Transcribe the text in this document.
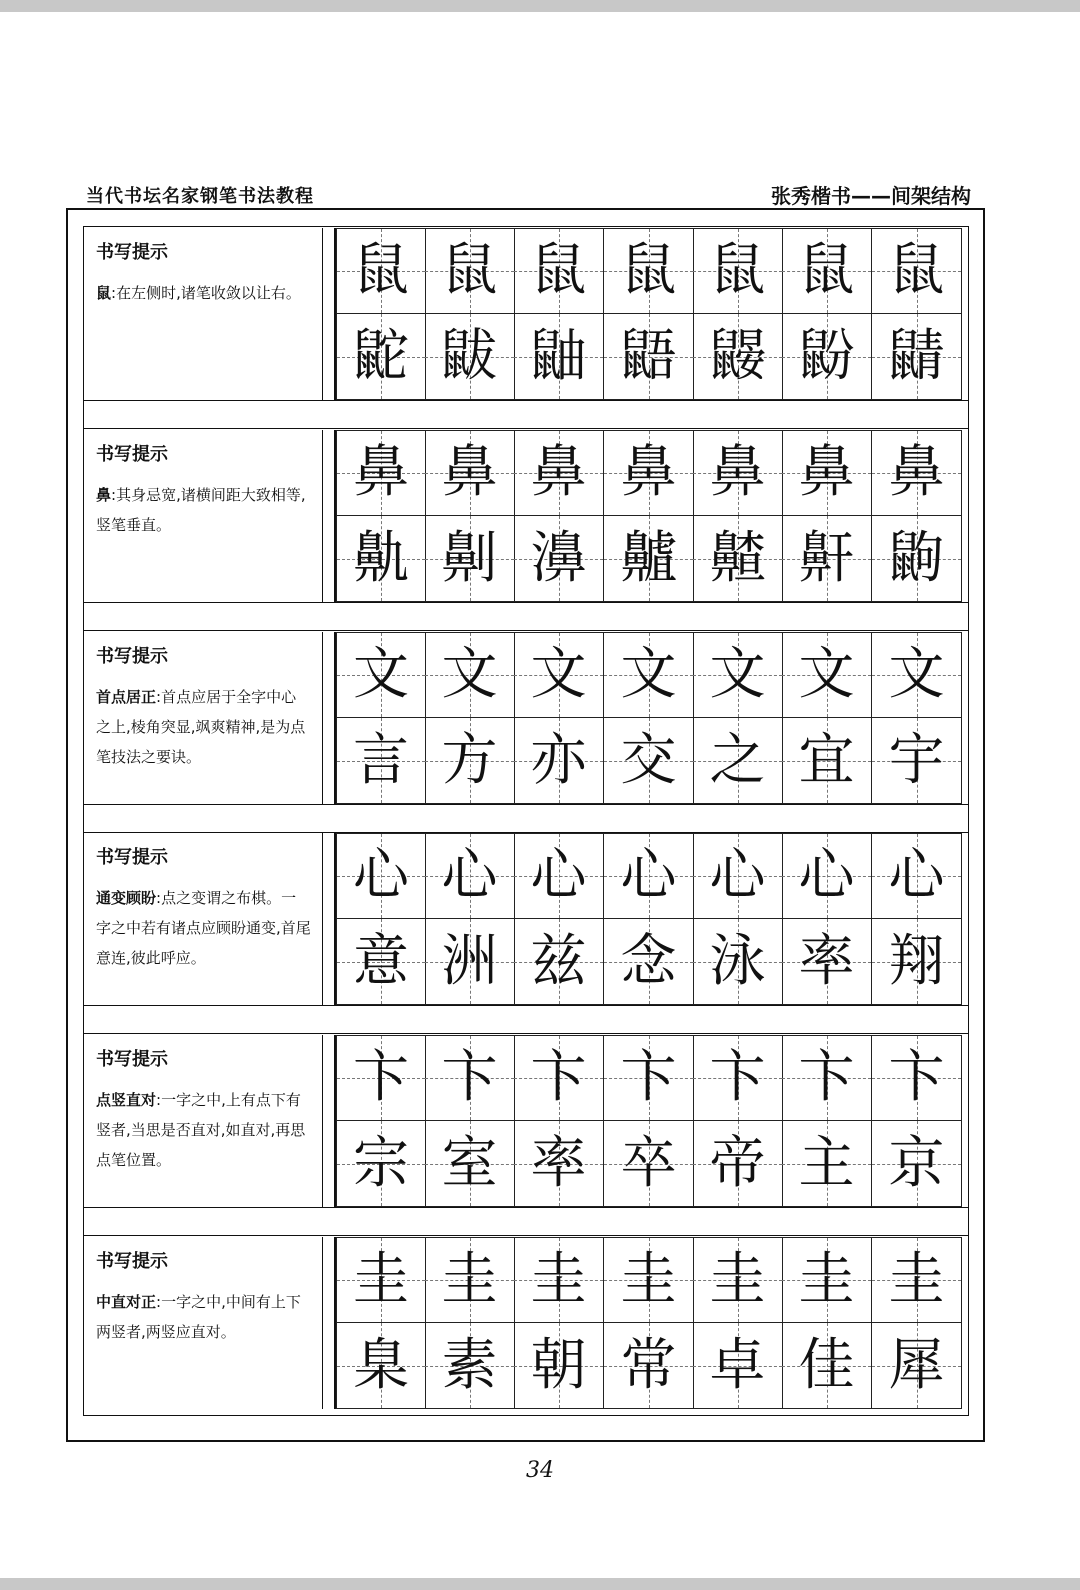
当代书坛名家钢笔书法教程	张秀楷书——间架结构
书写提示
鼠:在左侧时,诸笔收敛以让右。 鼠 鼠 鼠 鼠 鼠 鼠 鼠
鼧 鼥 鼬 鼯 鼹 鼢 鼱
书写提示
鼻:其身忌宽,诸横间距大致相等,竖笔垂直。
鼻 鼻 鼻 鼻 鼻 鼻 鼻
鼽 劓 濞 齇 齄 鼾 鼩
书写提示
首点居正:首点应居于全字中心之上,棱角突显,飒爽精神,是为点笔技法之要诀。
文 文 文 文 文 文 文
言 方 亦 交 之 宜 宇
书写提示
通变顾盼:点之变谓之布棋。一字之中若有诸点应顾盼通变,首尾意连,彼此呼应。
心 心 心 心 心 心 心
意 洲 兹 念 泳 率 翔
书写提示
点竖直对:一字之中,上有点下有竖者,当思是否直对,如直对,再思点笔位置。
卞 卞 卞 卞 卞 卞 卞
宗 室 率 卒 帝 主 京
书写提示
中直对正:一字之中,中间有上下两竖者,两竖应直对。
圭 圭 圭 圭 圭 圭 圭
臬 素 朝 常 卓 佳 犀
34
